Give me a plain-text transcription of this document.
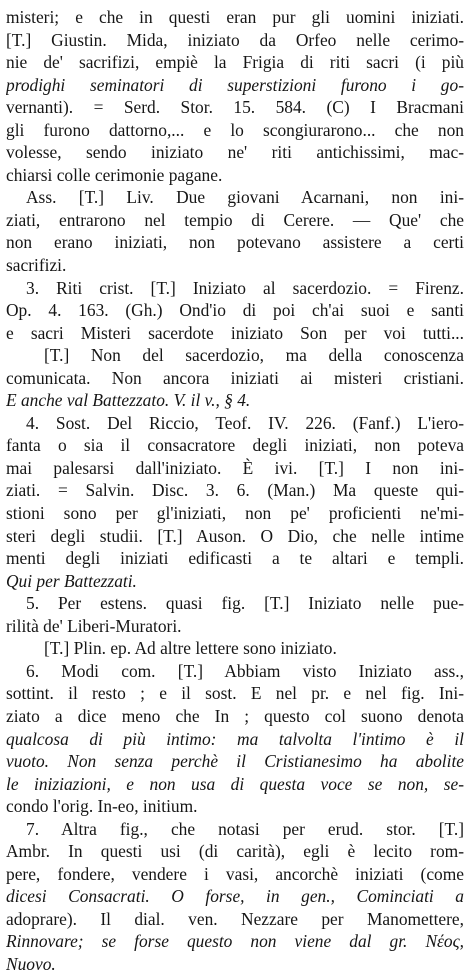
misteri; e che in questi eran pur gli uomini iniziati.
[T.] Giustin. Mida, iniziato da Orfeo nelle cerimo-
nie de' sacrifizi, empiè la Frigia di riti sacri (i più
prodighi seminatori di superstizioni furono i go-
vernanti). = Serd. Stor. 15. 584. (C) I Bracmani
gli furono dattorno,... e lo scongiurarono... che non
volesse, sendo iniziato ne' riti antichissimi, mac-
chiarsi colle cerimonie pagane.
Ass. [T.] Liv. Due giovani Acarnani, non ini-
ziati, entrarono nel tempio di Cerere. — Que' che
non erano iniziati, non potevano assistere a certi
sacrifizi.
3. Riti crist. [T.] Iniziato al sacerdozio. = Firenz.
Op. 4. 163. (Gh.) Ond'io di poi ch'ai suoi e santi
e sacri Misteri sacerdote iniziato Son per voi tutti...
[T.] Non del sacerdozio, ma della conoscenza
comunicata. Non ancora iniziati ai misteri cristiani.
E anche val Battezzato. V. il v., § 4.
4. Sost. Del Riccio, Teof. IV. 226. (Fanf.) L'iero-
fanta o sia il consacratore degli iniziati, non poteva
mai palesarsi dall'iniziato. È ivi. [T.] I non ini-
ziati. = Salvin. Disc. 3. 6. (Man.) Ma queste qui-
stioni sono per gl'iniziati, non pe' proficienti ne'mi-
steri degli studii. [T.] Auson. O Dio, che nelle intime
menti degli iniziati edificasti a te altari e templi.
Qui per Battezzati.
5. Per estens. quasi fig. [T.] Iniziato nelle pue-
rilità de' Liberi-Muratori.
[T.] Plin. ep. Ad altre lettere sono iniziato.
6. Modi com. [T.] Abbiam visto Iniziato ass.,
sottint. il resto ; e il sost. E nel pr. e nel fig. Ini-
ziato a dice meno che In ; questo col suono denota
qualcosa di più intimo: ma talvolta l'intimo è il
vuoto. Non senza perchè il Cristianesimo ha abolite
le iniziazioni, e non usa di questa voce se non, se-
condo l'orig. In-eo, initium.
7. Altra fig., che notasi per erud. stor. [T.]
Ambr. In questi usi (di carità), egli è lecito rom-
pere, fondere, vendere i vasi, ancorchè iniziati (come
dicesi Consacrati. O forse, in gen., Cominciati a
adoprare). Il dial. ven. Nezzare per Manomettere,
Rinnovare; se forse questo non viene dal gr. Νέος,
Nuovo.
